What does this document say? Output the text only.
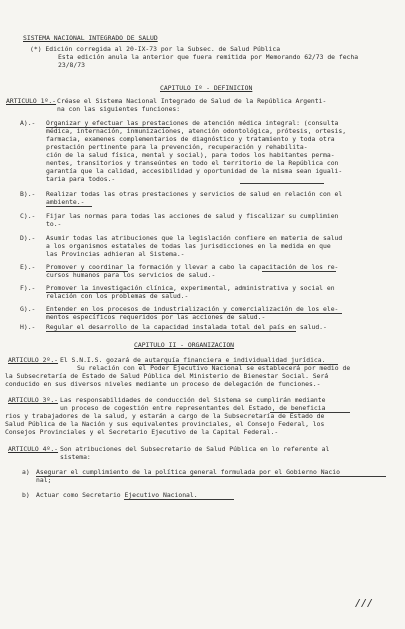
SISTEMA NACIONAL INTEGRADO DE SALUD
(*) Edición corregida al 20-IX-73 por la Subsec. de Salud Pública
Esta edición anula la anterior que fuera remitida por Memorando 62/73 de fecha
23/8/73
CAPITULO Iº - DEFINICION
ARTICULO 1º.- Créase el Sistema Nacional Integrado de Salud de la República Argenti-
na con las siguientes funciones:
A).- Organizar y efectuar las prestaciones de atención médica integral: (consulta
médica, internación, inmunizaciones, atención odontológica, prótesis, ortesis,
farmacia, examenes complementarios de diagnóstico y tratamiento y toda otra
prestación pertinente para la prevención, recuperación y rehabilita-
ción de la salud física, mental y social), para todos los habitantes perma-
nentes, transitorios y transeúntes en todo el territorio de la República con
garantía que la calidad, accesibilidad y oportunidad de la misma sean iguali-
taria para todos.-
B).- Realizar todas las otras prestaciones y servicios de salud en relación con el
ambiente.-
C).- Fijar las normas para todas las acciones de salud y fiscalizar su cumplimien
to.-
D).- Asumir todas las atribuciones que la legislación confiere en materia de salud
a los organismos estatales de todas las jurisdicciones en la medida en que
las Provincias adhieran al Sistema.-
E).- Promover y coordinar la formación y llevar a cabo la capacitación de los re-
cursos humanos para los servicios de salud.-
F).- Promover la investigación clínica, experimental, administrativa y social en
relación con los problemas de salud.-
G).- Entender en los procesos de industrialización y comercialización de los ele-
mentos específicos requeridos por las acciones de salud.-
H).- Regular el desarrollo de la capacidad instalada total del país en salud.-
CAPITULO II - ORGANIZACION
ARTICULO 2º.- El S.N.I.S. gozará de autarquía financiera e individualidad jurídica.
Su relación con el Poder Ejecutivo Nacional se establecerá por medio de
la Subsecretaría de Estado de Salud Pública del Ministerio de Bienestar Social. Será
conducido en sus diversos niveles mediante un proceso de delegación de funciones.-
ARTICULO 3º.- Las responsabilidades de conducción del Sistema se cumplirán mediante
un proceso de cogestión entre representantes del Estado, de beneficia
rios y trabajadores de la salud, y estarán a cargo de la Subsecretaría de Estado de
Salud Pública de la Nación y sus equivalentes provinciales, el Consejo Federal, los
Consejos Provinciales y el Secretario Ejecutivo de la Capital Federal.-
ARTICULO 4º.- Son atribuciones del Subsecretario de Salud Pública en lo referente al
sistema:
a) Asegurar el cumplimiento de la política general formulada por el Gobierno Nacio
nal;
b) Actuar como Secretario Ejecutivo Nacional.
///
